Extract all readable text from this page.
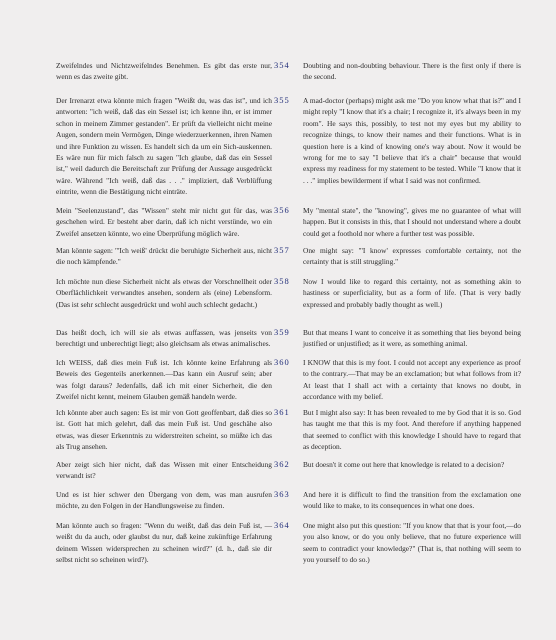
Zweifelndes und Nichtzweifelndes Benehmen. Es gibt das erste nur, wenn es das zweite gibt.
354	Doubting and non-doubting behaviour. There is the first only if there is the second.
Der Irrenarzt etwa könnte mich fragen "Weißt du, was das ist", und ich antworten: "ich weiß, daß das ein Sessel ist; ich kenne ihn, er ist immer schon in meinem Zimmer gestanden". Er prüft da vielleicht nicht meine Augen, sondern mein Vermögen, Dinge wiederzuerkennen, ihren Namen und ihre Funktion zu wissen. Es handelt sich da um ein Sich-auskennen. Es wäre nun für mich falsch zu sagen "Ich glaube, daß das ein Sessel ist," weil dadurch die Bereitschaft zur Prüfung der Aussage ausgedrückt wäre. Während "Ich weiß, daß das . . ." impliziert, daß Verblüffung eintrite, wenn die Bestätigung nicht einträte.
355	A mad-doctor (perhaps) might ask me "Do you know what that is?" and I might reply "I know that it's a chair; I recognize it, it's always been in my room". He says this, possibly, to test not my eyes but my ability to recognize things, to know their names and their functions. What is in question here is a kind of knowing one's way about. Now it would be wrong for me to say "I believe that it's a chair" because that would express my readiness for my statement to be tested. While "I know that it . . ." implies bewilderment if what I said was not confirmed.
Mein "Seelenzustand", das "Wissen" steht mir nicht gut für das, was geschehen wird. Er besteht aber darin, daß ich nicht verstünde, wo ein Zweifel ansetzen könnte, wo eine Überprüfung möglich wäre.
356	My "mental state", the "knowing", gives me no guarantee of what will happen. But it consists in this, that I should not understand where a doubt could get a foothold nor where a further test was possible.
Man könnte sagen: "'Ich weiß' drückt die beruhigte Sicherheit aus, nicht die noch kämpfende."
357	One might say: "'I know' expresses comfortable certainty, not the certainty that is still struggling."
Ich möchte nun diese Sicherheit nicht als etwas der Vorschnellheit oder Oberflächlichkeit verwandtes ansehen, sondern als (eine) Lebensform. (Das ist sehr schlecht ausgedrückt und wohl auch schlecht gedacht.)
358	Now I would like to regard this certainty, not as something akin to hastiness or superficiality, but as a form of life. (That is very badly expressed and probably badly thought as well.)
Das heißt doch, ich will sie als etwas auffassen, was jenseits von berechtigt und unberechtigt liegt; also gleichsam als etwas animalisches.
359	But that means I want to conceive it as something that lies beyond being justified or unjustified; as it were, as something animal.
Ich WEISS, daß dies mein Fuß ist. Ich könnte keine Erfahrung als Beweis des Gegenteils anerkennen.—Das kann ein Ausruf sein; aber was folgt daraus? Jedenfalls, daß ich mit einer Sicherheit, die den Zweifel nicht kennt, meinem Glauben gemäß handeln werde.
360	I KNOW that this is my foot. I could not accept any experience as proof to the contrary.—That may be an exclamation; but what follows from it? At least that I shall act with a certainty that knows no doubt, in accordance with my belief.
Ich könnte aber auch sagen: Es ist mir von Gott geoffenbart, daß dies so ist. Gott hat mich gelehrt, daß das mein Fuß ist. Und geschähe also etwas, was dieser Erkenntnis zu widerstreiten scheint, so müßte ich das als Trug ansehen.
361	But I might also say: It has been revealed to me by God that it is so. God has taught me that this is my foot. And therefore if anything happened that seemed to conflict with this knowledge I should have to regard that as deception.
Aber zeigt sich hier nicht, daß das Wissen mit einer Entscheidung verwandt ist?
362	But doesn't it come out here that knowledge is related to a decision?
Und es ist hier schwer den Übergang von dem, was man ausrufen möchte, zu den Folgen in der Handlungsweise zu finden.
363	And here it is difficult to find the transition from the exclamation one would like to make, to its consequences in what one does.
Man könnte auch so fragen: "Wenn du weißt, daß das dein Fuß ist, —weißt du da auch, oder glaubst du nur, daß keine zukünftige Erfahrung deinem Wissen widersprechen zu scheinen wird?" (d. h., daß sie dir selbst nicht so scheinen wird?).
364	One might also put this question: "If you know that that is your foot,—do you also know, or do you only believe, that no future experience will seem to contradict your knowledge?" (That is, that nothing will seem to you yourself to do so.)
